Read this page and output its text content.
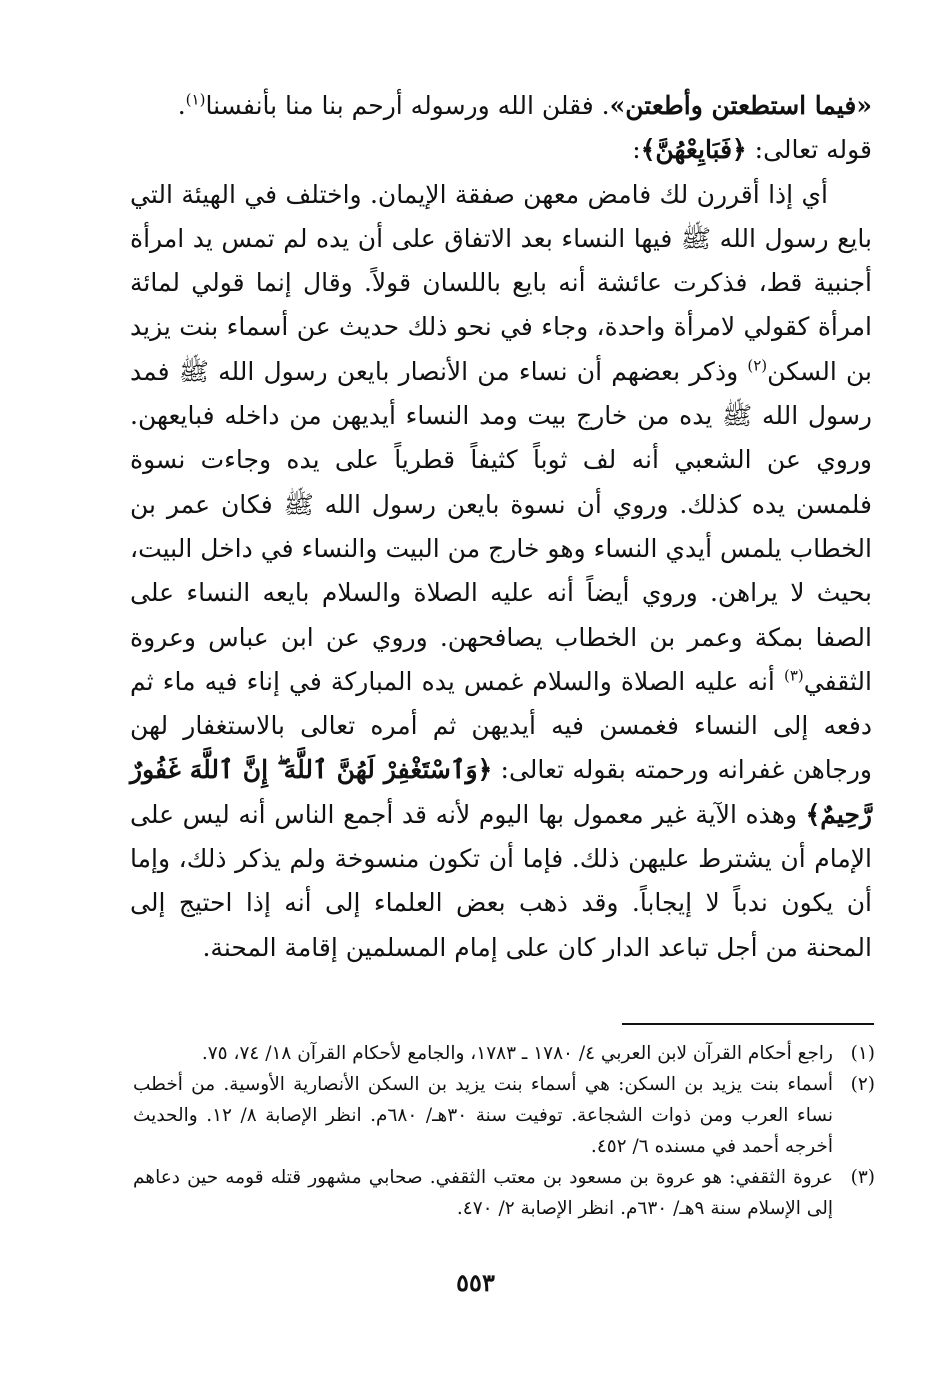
«فيما استطعتن وأطعتن». فقلن الله ورسوله أرحم بنا منا بأنفسنا$^{(١)}$.

قوله تعالى: ﴿فَبَايِعْهُنَّ﴾:

أي إذا أقررن لك فامض معهن صفقة الإيمان. واختلف في الهيئة التي بايع رسول الله ﷺ فيها النساء بعد الاتفاق على أن يده لم تمس يد امرأة أجنبية قط، فذكرت عائشة أنه بايع باللسان قولاً. وقال إنما قولي لمائة امرأة كقولي لامرأة واحدة، وجاء في نحو ذلك حديث عن أسماء بنت يزيد بن السكن$^{(٢)}$ وذكر بعضهم أن نساء من الأنصار بايعن رسول الله ﷺ فمد رسول الله ﷺ يده من خارج بيت ومد النساء أيديهن من داخله فبايعهن. وروي عن الشعبي أنه لف ثوباً كثيفاً قطرياً على يده وجاءت نسوة فلمسن يده كذلك. وروي أن نسوة بايعن رسول الله ﷺ فكان عمر بن الخطاب يلمس أيدي النساء وهو خارج من البيت والنساء في داخل البيت، بحيث لا يراهن. وروي أيضاً أنه عليه الصلاة والسلام بايعه النساء على الصفا بمكة وعمر بن الخطاب يصافحهن. وروي عن ابن عباس وعروة الثقفي$^{(٣)}$ أنه عليه الصلاة والسلام غمس يده المباركة في إناء فيه ماء ثم دفعه إلى النساء فغمسن فيه أيديهن ثم أمره تعالى بالاستغفار لهن ورجاهن غفرانه ورحمته بقوله تعالى: ﴿وَٱسْتَغْفِرْ لَهُنَّ ٱللَّهَ ۖ إِنَّ ٱللَّهَ غَفُورٌ رَّحِيمٌ﴾ وهذه الآية غير معمول بها اليوم لأنه قد أجمع الناس أنه ليس على الإمام أن يشترط عليهن ذلك. فإما أن تكون منسوخة ولم يذكر ذلك، وإما أن يكون ندباً لا إيجاباً. وقد ذهب بعض العلماء إلى أنه إذا احتيج إلى المحنة من أجل تباعد الدار كان على إمام المسلمين إقامة المحنة.

(١)
راجع أحكام القرآن لابن العربي ٤/ ١٧٨٠ ـ ١٧٨٣، والجامع لأحكام القرآن ١٨/ ٧٤، ٧٥.
(٢)
أسماء بنت يزيد بن السكن: هي أسماء بنت يزيد بن السكن الأنصارية الأوسية. من أخطب نساء العرب ومن ذوات الشجاعة. توفيت سنة ٣٠هـ/ ٦٨٠م. انظر الإصابة ٨/ ١٢. والحديث أخرجه أحمد في مسنده ٦/ ٤٥٢.
(٣)
عروة الثقفي: هو عروة بن مسعود بن معتب الثقفي. صحابي مشهور قتله قومه حين دعاهم إلى الإسلام سنة ٩هـ/ ٦٣٠م. انظر الإصابة ٢/ ٤٧٠.
٥٥٣
